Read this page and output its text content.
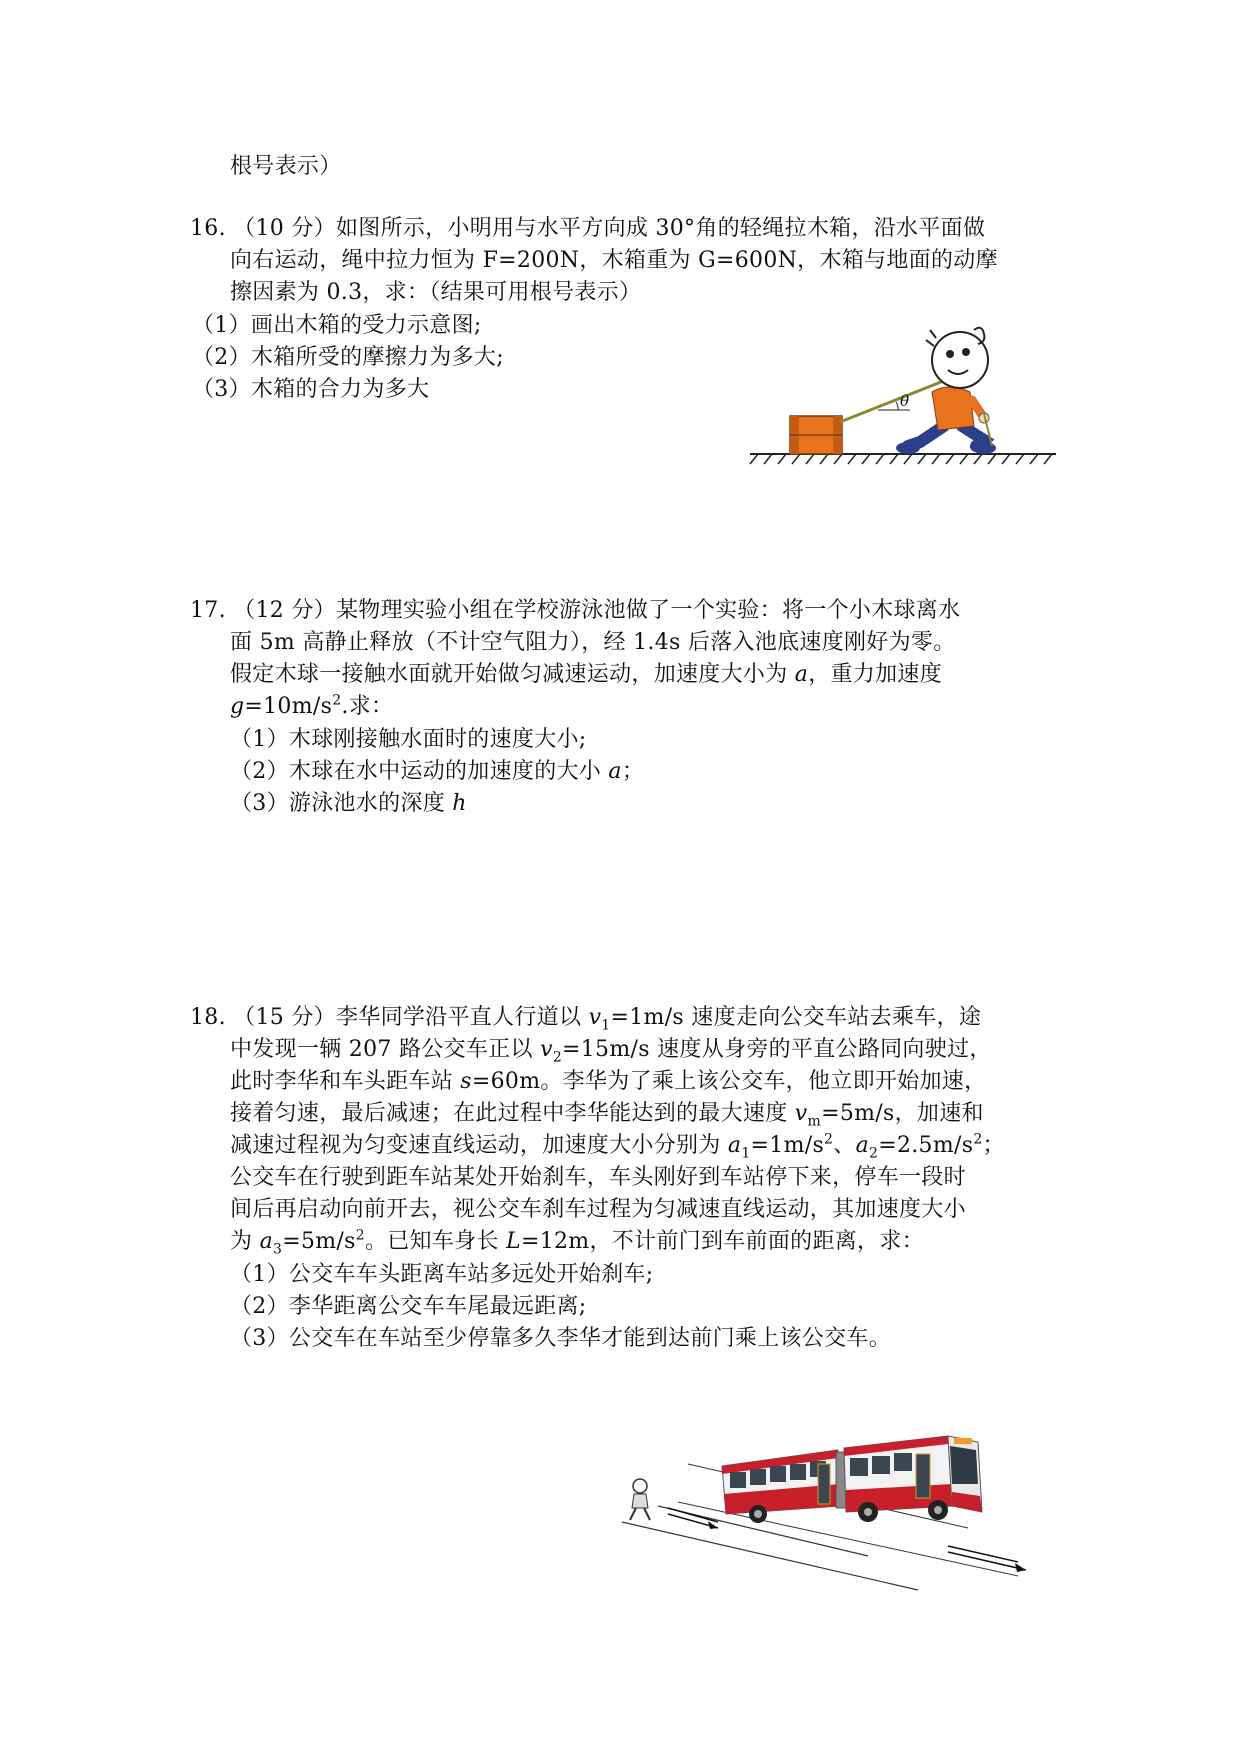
根号表示）
16. （10 分）如图所示，小明用与水平方向成 30°角的轻绳拉木箱，沿水平面做
向右运动，绳中拉力恒为 F=200N，木箱重为 G=600N，木箱与地面的动摩
擦因素为 0.3，求：（结果可用根号表示）
（1）画出木箱的受力示意图;
（2）木箱所受的摩擦力为多大;
（3）木箱的合力为多大	θ
17. （12 分）某物理实验小组在学校游泳池做了一个实验：将一个小木球离水
面 5m 高静止释放（不计空气阻力），经 1.4s 后落入池底速度刚好为零。
假定木球一接触水面就开始做匀减速运动，加速度大小为 a，重力加速度
$g=10m/s^2$.求：
（1）木球刚接触水面时的速度大小;
（2）木球在水中运动的加速度的大小 a；
（3）游泳池水的深度 h
18. （15 分）李华同学沿平直人行道以 $v_1=1m/s$ 速度走向公交车站去乘车，途
中发现一辆 207 路公交车正以 $v_2=15m/s$ 速度从身旁的平直公路同向驶过，
此时李华和车头距车站 s=60m。李华为了乘上该公交车，他立即开始加速，
接着匀速，最后减速；在此过程中李华能达到的最大速度 $v_m=5m/s$，加速和
减速过程视为匀变速直线运动，加速度大小分别为 $a_1=1m/s^2$、$a_2=2.5m/s^2$；
公交车在行驶到距车站某处开始刹车，车头刚好到车站停下来，停车一段时
间后再启动向前开去，视公交车刹车过程为匀减速直线运动，其加速度大小
为 $a_3=5m/s^2$。已知车身长 L=12m，不计前门到车前面的距离，求：
（1）公交车车头距离车站多远处开始刹车;
（2）李华距离公交车车尾最远距离;
（3）公交车在车站至少停靠多久李华才能到达前门乘上该公交车。
